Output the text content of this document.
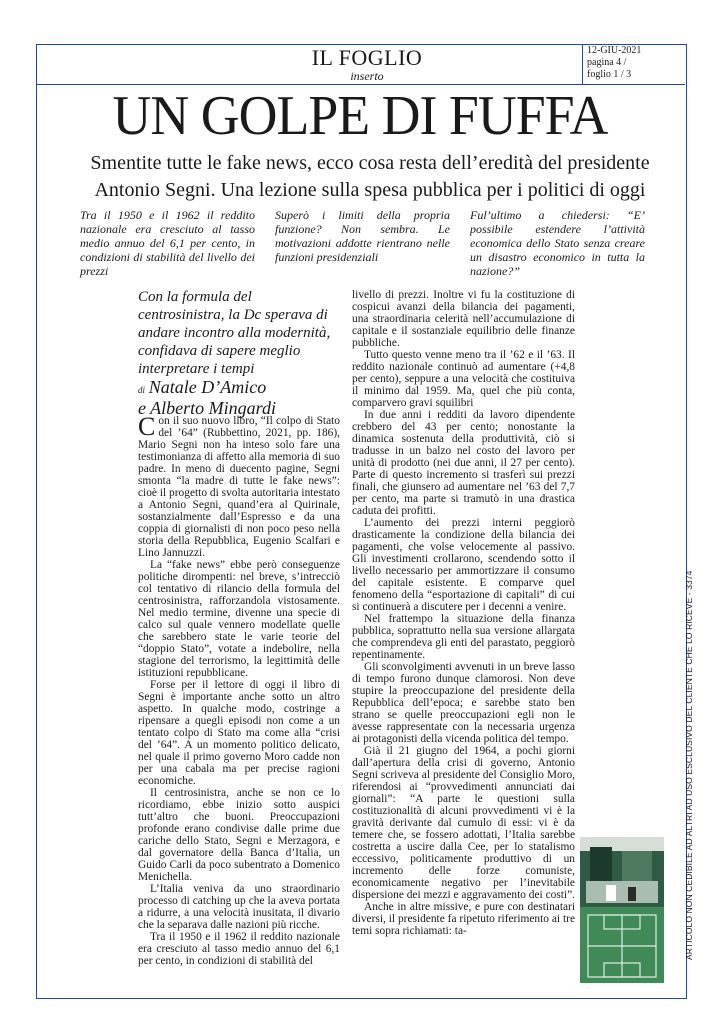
IL FOGLIO
inserto
12-GIU-2021
pagina 4 /
foglio 1 / 3
ARTICOLO NON CEDIBILE AD ALTRI AD USO ESCLUSIVO DEL CLIENTE CHE LO RICEVE - 3374
UN GOLPE DI FUFFA
Smentite tutte le fake news, ecco cosa resta dell’eredità del presidente Antonio Segni. Una lezione sulla spesa pubblica per i politici di oggi
Tra il 1950 e il 1962 il reddito nazionale era cresciuto al tasso medio annuo del 6,1 per cento, in condizioni di stabilità del livello dei prezzi
Superò i limiti della propria funzione? Non sembra. Le motivazioni addotte rientrano nelle funzioni presidenziali
Ful’ultimo a chiedersi: “E’ possibile estendere l’attività economica dello Stato senza creare un disastro economico in tutta la nazione?”
Con la formula del centrosinistra, la Dc sperava di andare incontro alla modernità, confidava di sapere meglio interpretare i tempi
di Natale D’Amico
e Alberto Mingardi

Con il suo nuovo libro, “Il colpo di Stato del ’64” (Rubbettino, 2021, pp. 186), Mario Segni non ha inteso solo fare una testimonianza di affetto alla memoria di suo padre. In meno di duecento pagine, Segni smonta “la madre di tutte le fake news”: cioè il progetto di svolta autoritaria intestato a Antonio Segni, quand’era al Quirinale, sostanzialmente dall’Espresso e da una coppia di giornalisti di non poco peso nella storia della Repubblica, Eugenio Scalfari e Lino Jannuzzi.

La “fake news” ebbe però conseguenze politiche dirompenti: nel breve, s’intrecciò col tentativo di rilancio della formula del centrosinistra, rafforzandola vistosamente. Nel medio termine, divenne una specie di calco sul quale vennero modellate quelle che sarebbero state le varie teorie del “doppio Stato”, votate a indebolire, nella stagione del terrorismo, la legittimità delle istituzioni repubblicane.

Forse per il lettore di oggi il libro di Segni è importante anche sotto un altro aspetto. In qualche modo, costringe a ripensare a quegli episodi non come a un tentato colpo di Stato ma come alla “crisi del ’64”. A un momento politico delicato, nel quale il primo governo Moro cadde non per una cabala ma per precise ragioni economiche.

Il centrosinistra, anche se non ce lo ricordiamo, ebbe inizio sotto auspici tutt’altro che buoni. Preoccupazioni profonde erano condivise dalle prime due cariche dello Stato, Segni e Merzagora, e dal governatore della Banca d’Italia, un Guido Carli da poco subentrato a Domenico Menichella.

L’Italia veniva da uno straordinario processo di catching up che la aveva portata a ridurre, a una velocità inusitata, il divario che la separava dalle nazioni più ricche.

Tra il 1950 e il 1962 il reddito nazionale era cresciuto al tasso medio annuo del 6,1 per cento, in condizioni di stabilità del

livello di prezzi. Inoltre vi fu la costituzione di cospicui avanzi della bilancia dei pagamenti, una straordinaria celerità nell’accumulazione di capitale e il sostanziale equilibrio delle finanze pubbliche.

Tutto questo venne meno tra il ’62 e il ’63. Il reddito nazionale continuò ad aumentare (+4,8 per cento), seppure a una velocità che costituiva il minimo dal 1959. Ma, quel che più conta, comparvero gravi squilibri

In due anni i redditi da lavoro dipendente crebbero del 43 per cento; nonostante la dinamica sostenuta della produttività, ciò si tradusse in un balzo nel costo del lavoro per unità di prodotto (nei due anni, il 27 per cento). Parte di questo incremento si trasferì sui prezzi finali, che giunsero ad aumentare nel ’63 del 7,7 per cento, ma parte si tramutò in una drastica caduta dei profitti.

L’aumento dei prezzi interni peggiorò drasticamente la condizione della bilancia dei pagamenti, che volse velocemente al passivo. Gli investimenti crollarono, scendendo sotto il livello necessario per ammortizzare il consumo del capitale esistente. E comparve quel fenomeno della “esportazione di capitali” di cui si continuerà a discutere per i decenni a venire.

Nel frattempo la situazione della finanza pubblica, soprattutto nella sua versione allargata che comprendeva gli enti del parastato, peggiorò repentinamente.

Gli sconvolgimenti avvenuti in un breve lasso di tempo furono dunque clamorosi. Non deve stupire la preoccupazione del presidente della Repubblica dell’epoca; e sarebbe stato ben strano se quelle preoccupazioni egli non le avesse rappresentate con la necessaria urgenza ai protagonisti della vicenda politica del tempo.

Già il 21 giugno del 1964, a pochi giorni dall’apertura della crisi di governo, Antonio Segni scriveva al presidente del Consiglio Moro, riferendosi ai “provvedimenti annunciati dai giornali”: “A parte le questioni sulla costituzionalità di alcuni provvedimenti vi è la gravità derivante dal cumulo di essi: vi è da temere che, se fossero adottati, l’Italia sarebbe costretta a uscire dalla Cee, per lo statalismo eccessivo, politicamente produttivo di un incremento delle forze comuniste, economicamente negativo per l’inevitabile dispersione dei mezzi e aggravamento dei costi”.

Anche in altre missive, e pure con destinatari diversi, il presidente fa ripetuto riferimento ai tre temi sopra richiamati: ta-
